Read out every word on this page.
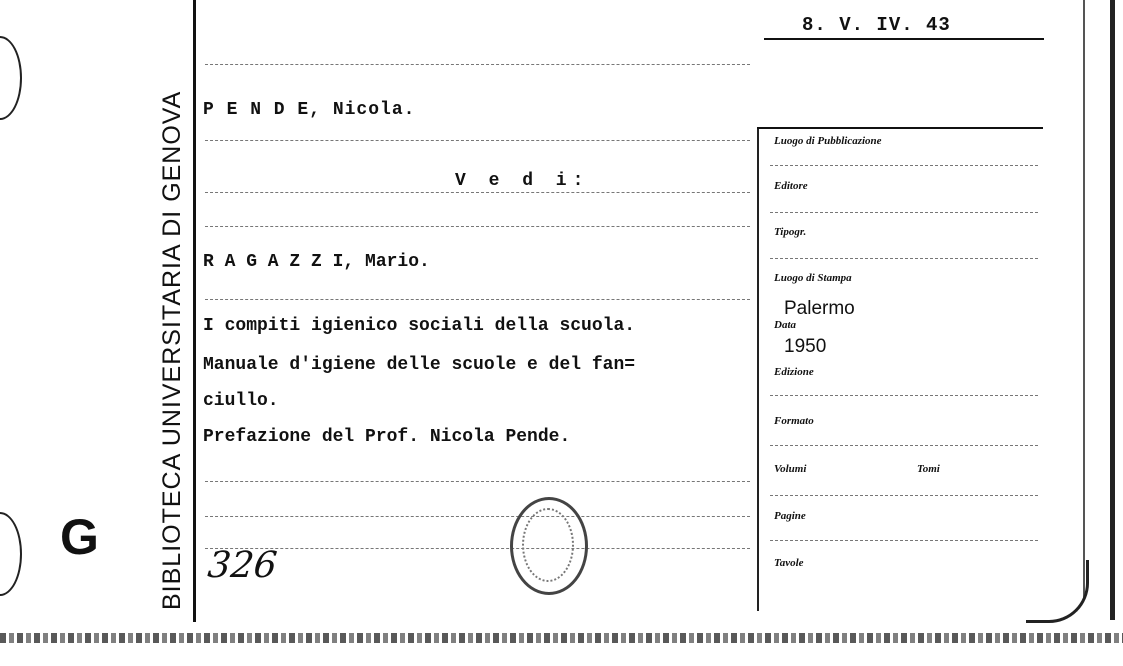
G BIBLIOTECA UNIVERSITARIA DI GENOVA
8. V. IV. 43
P E N D E, Nicola.
V e d i:
R A G A Z Z I, Mario.
I compiti igienico sociali della scuola.
Manuale d'igiene delle scuole e del fan=
ciullo.
Prefazione del Prof. Nicola Pende.
Luogo di Pubblicazione
Editore
Tipogr.
Luogo di Stampa
Palermo
Data
1950
Edizione
Formato
Volumi	Tomi
Pagine
Tavole
326
